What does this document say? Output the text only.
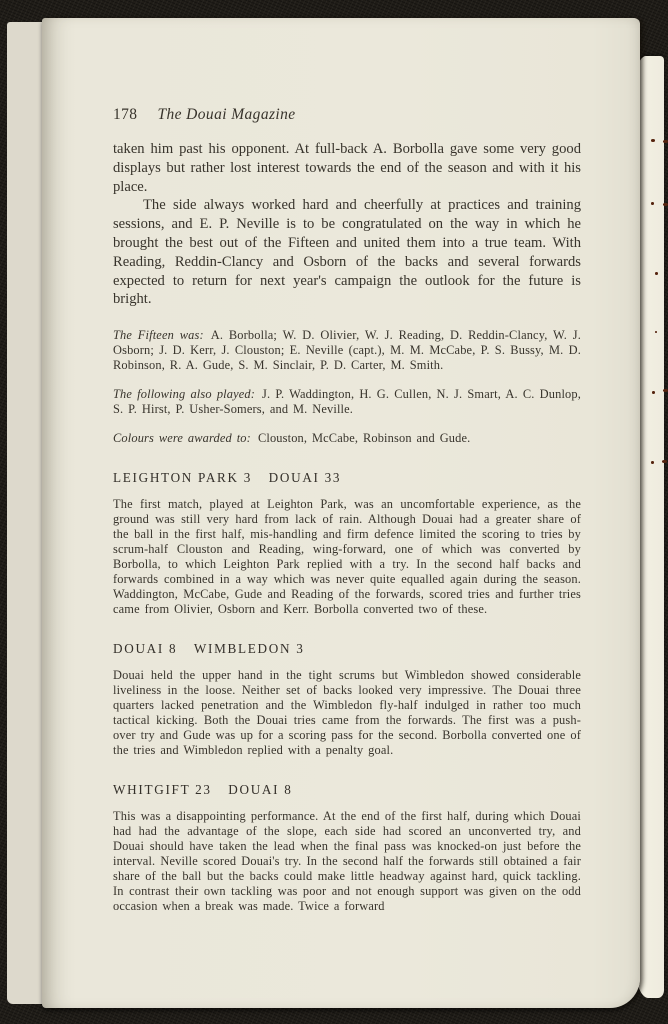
178 The Douai Magazine

taken him past his opponent. At full-back A. Borbolla gave some very good displays but rather lost interest towards the end of the season and with it his place.

The side always worked hard and cheerfully at practices and training sessions, and E. P. Neville is to be congratulated on the way in which he brought the best out of the Fifteen and united them into a true team. With Reading, Reddin-Clancy and Osborn of the backs and several forwards expected to return for next year's campaign the outlook for the future is bright.

The Fifteen was: A. Borbolla; W. D. Olivier, W. J. Reading, D. Reddin-Clancy, W. J. Osborn; J. D. Kerr, J. Clouston; E. Neville (capt.), M. M. McCabe, P. S. Bussy, M. D. Robinson, R. A. Gude, S. M. Sinclair, P. D. Carter, M. Smith.

The following also played: J. P. Waddington, H. G. Cullen, N. J. Smart, A. C. Dunlop, S. P. Hirst, P. Usher-Somers, and M. Neville.

Colours were awarded to: Clouston, McCabe, Robinson and Gude.

LEIGHTON PARK 3  DOUAI 33

The first match, played at Leighton Park, was an uncomfortable experience, as the ground was still very hard from lack of rain. Although Douai had a greater share of the ball in the first half, mis-handling and firm defence limited the scoring to tries by scrum-half Clouston and Reading, wing-forward, one of which was converted by Borbolla, to which Leighton Park replied with a try. In the second half backs and forwards combined in a way which was never quite equalled again during the season. Waddington, McCabe, Gude and Reading of the forwards, scored tries and further tries came from Olivier, Osborn and Kerr. Borbolla converted two of these.

DOUAI 8  WIMBLEDON 3

Douai held the upper hand in the tight scrums but Wimbledon showed considerable liveliness in the loose. Neither set of backs looked very impressive. The Douai three quarters lacked penetration and the Wimbledon fly-half indulged in rather too much tactical kicking. Both the Douai tries came from the forwards. The first was a push-over try and Gude was up for a scoring pass for the second. Borbolla converted one of the tries and Wimbledon replied with a penalty goal.

WHITGIFT 23  DOUAI 8

This was a disappointing performance. At the end of the first half, during which Douai had had the advantage of the slope, each side had scored an unconverted try, and Douai should have taken the lead when the final pass was knocked-on just before the interval. Neville scored Douai's try. In the second half the forwards still obtained a fair share of the ball but the backs could make little headway against hard, quick tackling. In contrast their own tackling was poor and not enough support was given on the odd occasion when a break was made. Twice a forward
